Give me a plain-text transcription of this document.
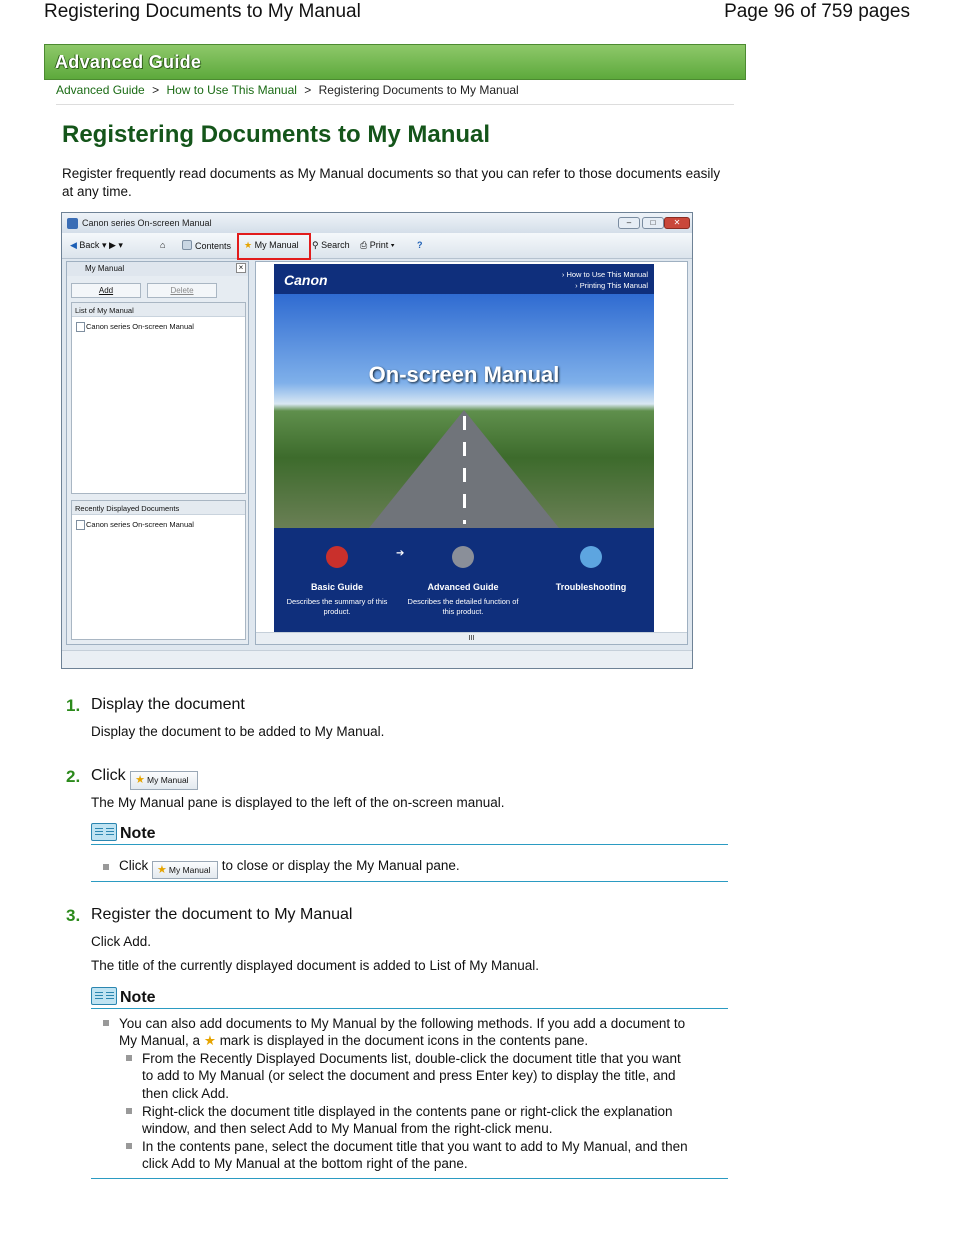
Registering Documents to My Manual	Page 96 of 759 pages
Advanced Guide
Advanced Guide > How to Use This Manual > Registering Documents to My Manual
Registering Documents to My Manual

Register frequently read documents as My Manual documents so that you can refer to those documents easily at any time.

Canon series On-screen Manual	–	□	✕
◀ Back ▾ ▶ ▾	⌂	Contents ★ My Manual ⚲ Search ⎙ Print ▾ ?
My Manual	×
Add	Delete
List of My Manual
Canon series On-screen Manual
Recently Displayed Documents
Canon series On-screen Manual
Canon	› How to Use This Manual
› Printing This Manual
On-screen Manual
➔
Basic Guide
Describes the summary of this product.
Advanced Guide
Describes the detailed function of this product.
Troubleshooting
III
1. Display the document
Display the document to be added to My Manual.
2. Click ★ My Manual
The My Manual pane is displayed to the left of the on-screen manual.
Note
Click ★ My Manual to close or display the My Manual pane.
3. Register the document to My Manual
Click Add.
The title of the currently displayed document is added to List of My Manual.
Note
You can also add documents to My Manual by the following methods. If you add a document to
My Manual, a ★ mark is displayed in the document icons in the contents pane.
From the Recently Displayed Documents list, double-click the document title that you want
to add to My Manual (or select the document and press Enter key) to display the title, and
then click Add.
Right-click the document title displayed in the contents pane or right-click the explanation
window, and then select Add to My Manual from the right-click menu.
In the contents pane, select the document title that you want to add to My Manual, and then
click Add to My Manual at the bottom right of the pane.
